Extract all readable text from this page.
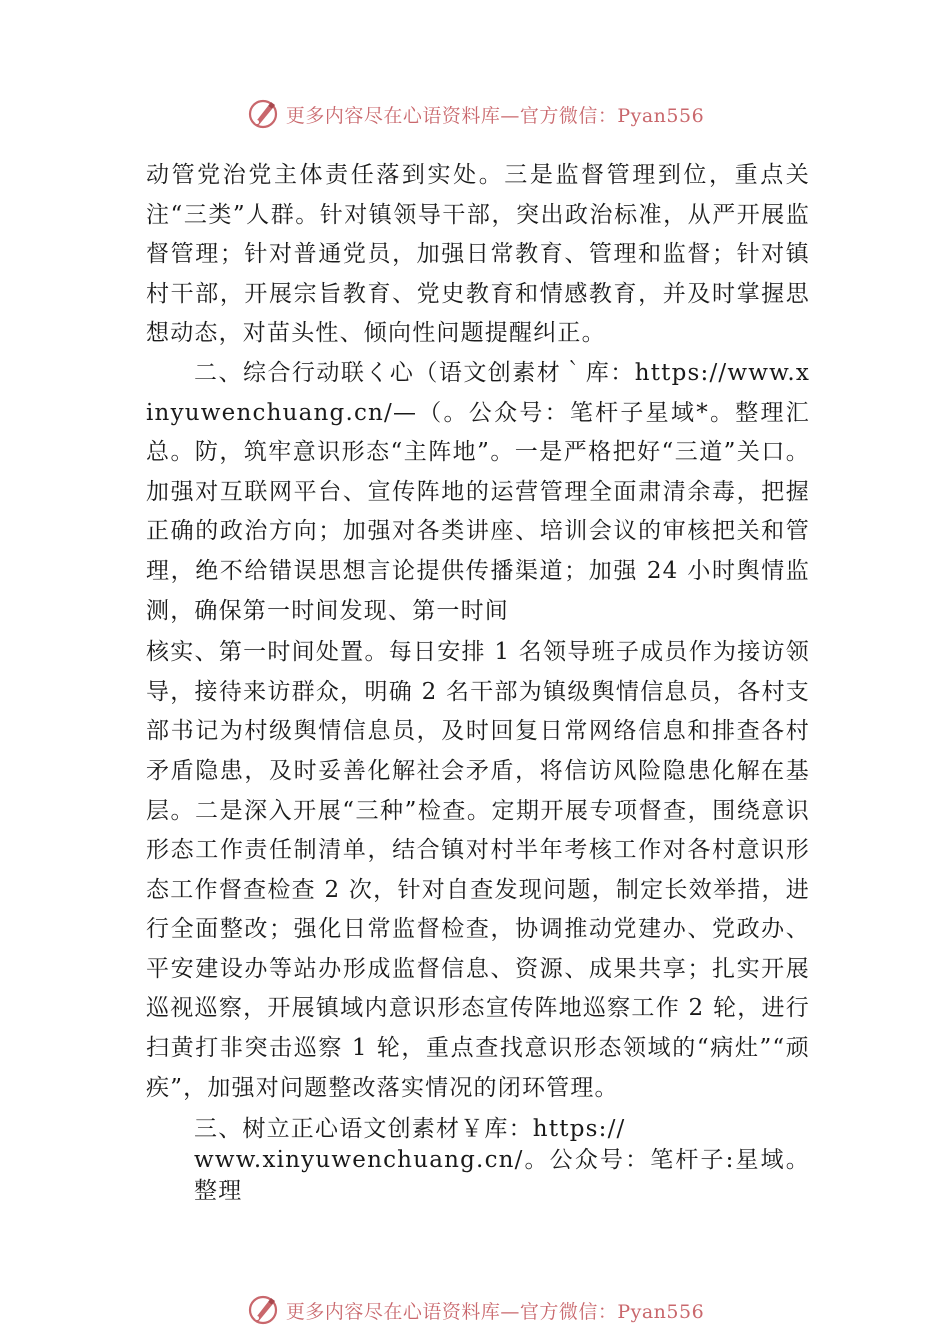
更多内容尽在心语资料库—官方微信：Pyan556

动管党治党主体责任落到实处。三是监督管理到位，重点关注“三类”人群。针对镇领导干部，突出政治标准，从严开展监督管理；针对普通党员，加强日常教育、管理和监督；针对镇村干部，开展宗旨教育、党史教育和情感教育，并及时掌握思想动态，对苗头性、倾向性问题提醒纠正。

二、综合行动联く心（语文创素材｀库：https://www.xinyuwenchuang.cn/—（。公众号：笔杆子星域*。整理汇总。防，筑牢意识形态“主阵地”。一是严格把好“三道”关口。加强对互联网平台、宣传阵地的运营管理全面肃清余毒，把握正确的政治方向；加强对各类讲座、培训会议的审核把关和管理，绝不给错误思想言论提供传播渠道；加强 24 小时舆情监测，确保第一时间发现、第一时间

核实、第一时间处置。每日安排 1 名领导班子成员作为接访领导，接待来访群众，明确 2 名干部为镇级舆情信息员，各村支部书记为村级舆情信息员，及时回复日常网络信息和排查各村矛盾隐患，及时妥善化解社会矛盾，将信访风险隐患化解在基层。二是深入开展“三种”检查。定期开展专项督查，围绕意识形态工作责任制清单，结合镇对村半年考核工作对各村意识形态工作督查检查 2 次，针对自查发现问题，制定长效举措，进行全面整改；强化日常监督检查，协调推动党建办、党政办、平安建设办等站办形成监督信息、资源、成果共享；扎实开展巡视巡察，开展镇域内意识形态宣传阵地巡察工作 2 轮，进行扫黄打非突击巡察 1 轮，重点查找意识形态领域的“病灶”“顽疾”，加强对问题整改落实情况的闭环管理。

三、树立正心语文创素材￥库：https://
www.xinyuwenchuang.cn/。公众号：笔杆子:星域。整理

更多内容尽在心语资料库—官方微信：Pyan556
